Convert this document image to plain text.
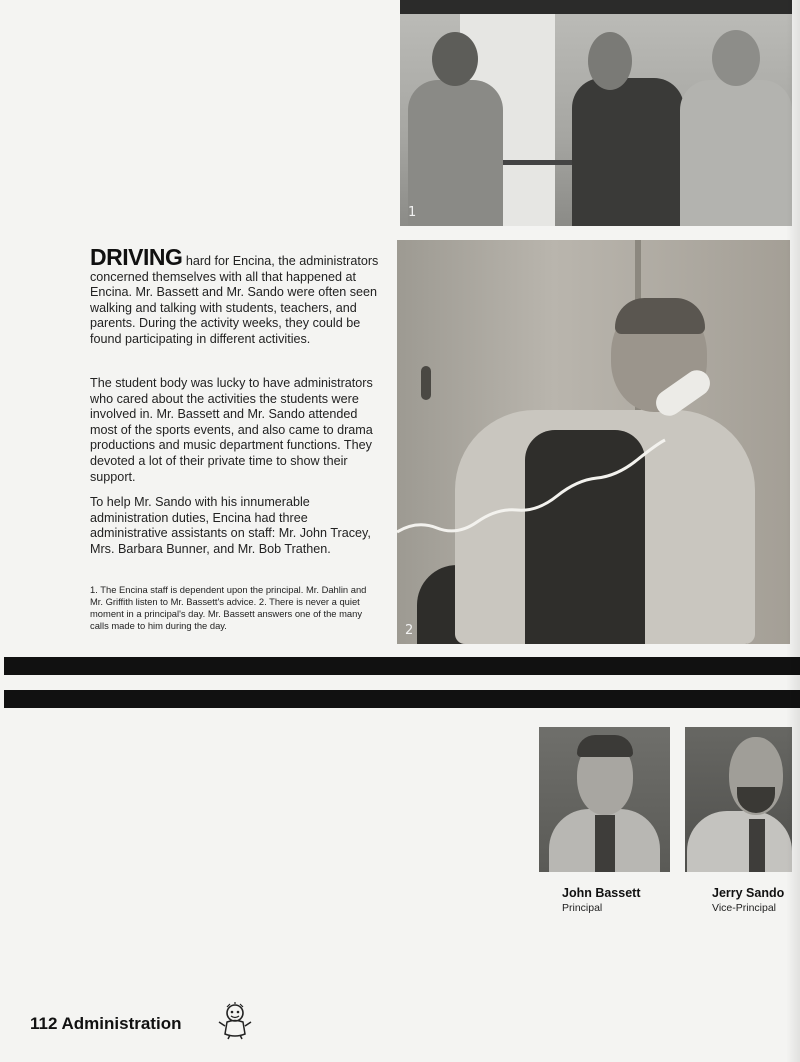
1
DRIVING hard for Encina, the administrators concerned themselves with all that happened at Encina. Mr. Bassett and Mr. Sando were often seen walking and talking with students, teachers, and parents. During the activity weeks, they could be found participating in different activities.
The student body was lucky to have administrators who cared about the activities the students were involved in. Mr. Bassett and Mr. Sando attended most of the sports events, and also came to drama productions and music department functions. They devoted a lot of their private time to show their support.
To help Mr. Sando with his innumerable administration duties, Encina had three administrative assistants on staff: Mr. John Tracey, Mrs. Barbara Bunner, and Mr. Bob Trathen.
1. The Encina staff is dependent upon the principal. Mr. Dahlin and Mr. Griffith listen to Mr. Bassett's advice. 2. There is never a quiet moment in a principal's day. Mr. Bassett answers one of the many calls made to him during the day.	2
John Bassett
Principal
Jerry Sando
Vice-Principal
112 Administration
